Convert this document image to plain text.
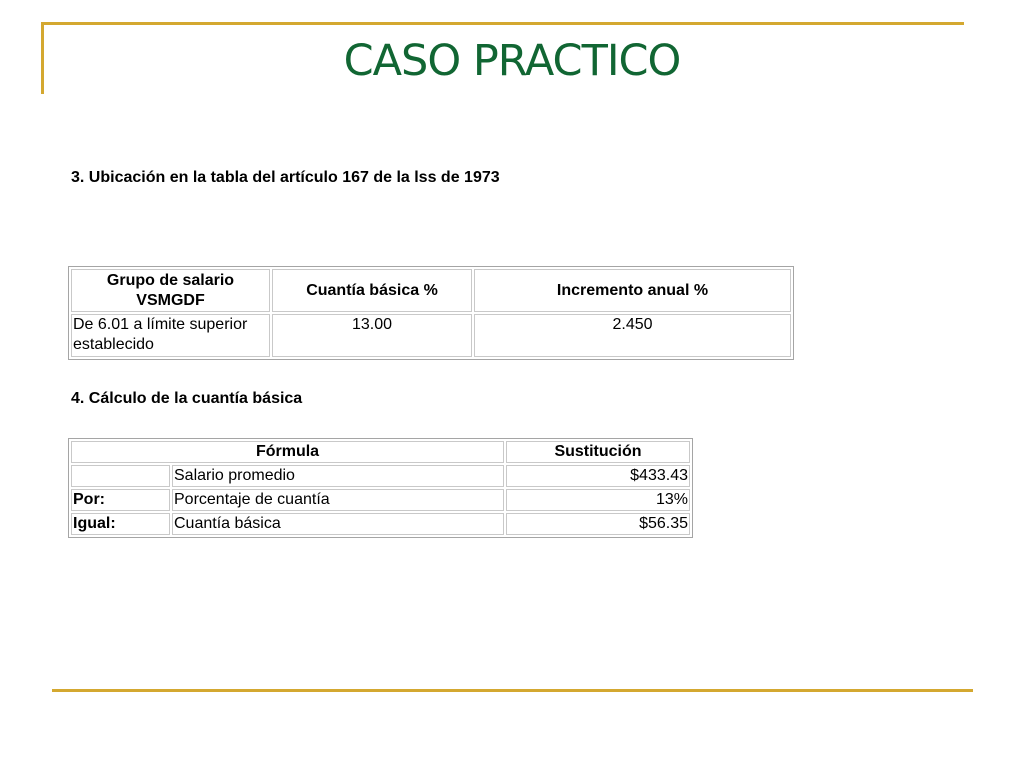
CASO PRACTICO
3. Ubicación en la tabla del artículo 167 de la lss de 1973
Grupo de salario VSMGDF	Cuantía básica %	Incremento anual %
De 6.01 a límite superior establecido	13.00	2.450
4. Cálculo de la cuantía básica
Fórmula		Sustitución
	Salario promedio	$433.43
Por:	Porcentaje de cuantía	13%
Igual:	Cuantía básica	$56.35
